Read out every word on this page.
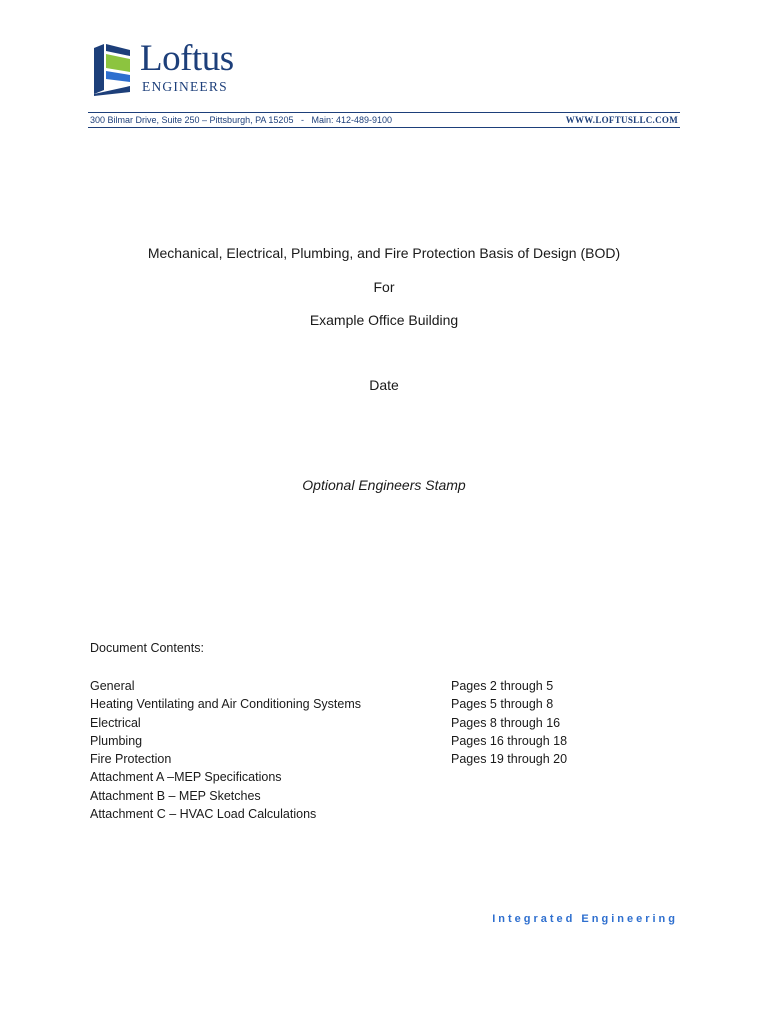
Loftus
ENGINEERS
300 Bilmar Drive, Suite 250 – Pittsburgh, PA 15205   -   Main: 412-489-9100	WWW.LOFTUSLLC.COM
Mechanical, Electrical, Plumbing, and Fire Protection Basis of Design (BOD)
For
Example Office Building
Date
Optional Engineers Stamp
Document Contents:
General	Pages 2 through 5
Heating Ventilating and Air Conditioning Systems	Pages 5 through 8
Electrical	Pages 8 through 16
Plumbing	Pages 16 through 18
Fire Protection	Pages 19 through 20
Attachment A –MEP Specifications
Attachment B – MEP Sketches
Attachment C – HVAC Load Calculations
Integrated Engineering
